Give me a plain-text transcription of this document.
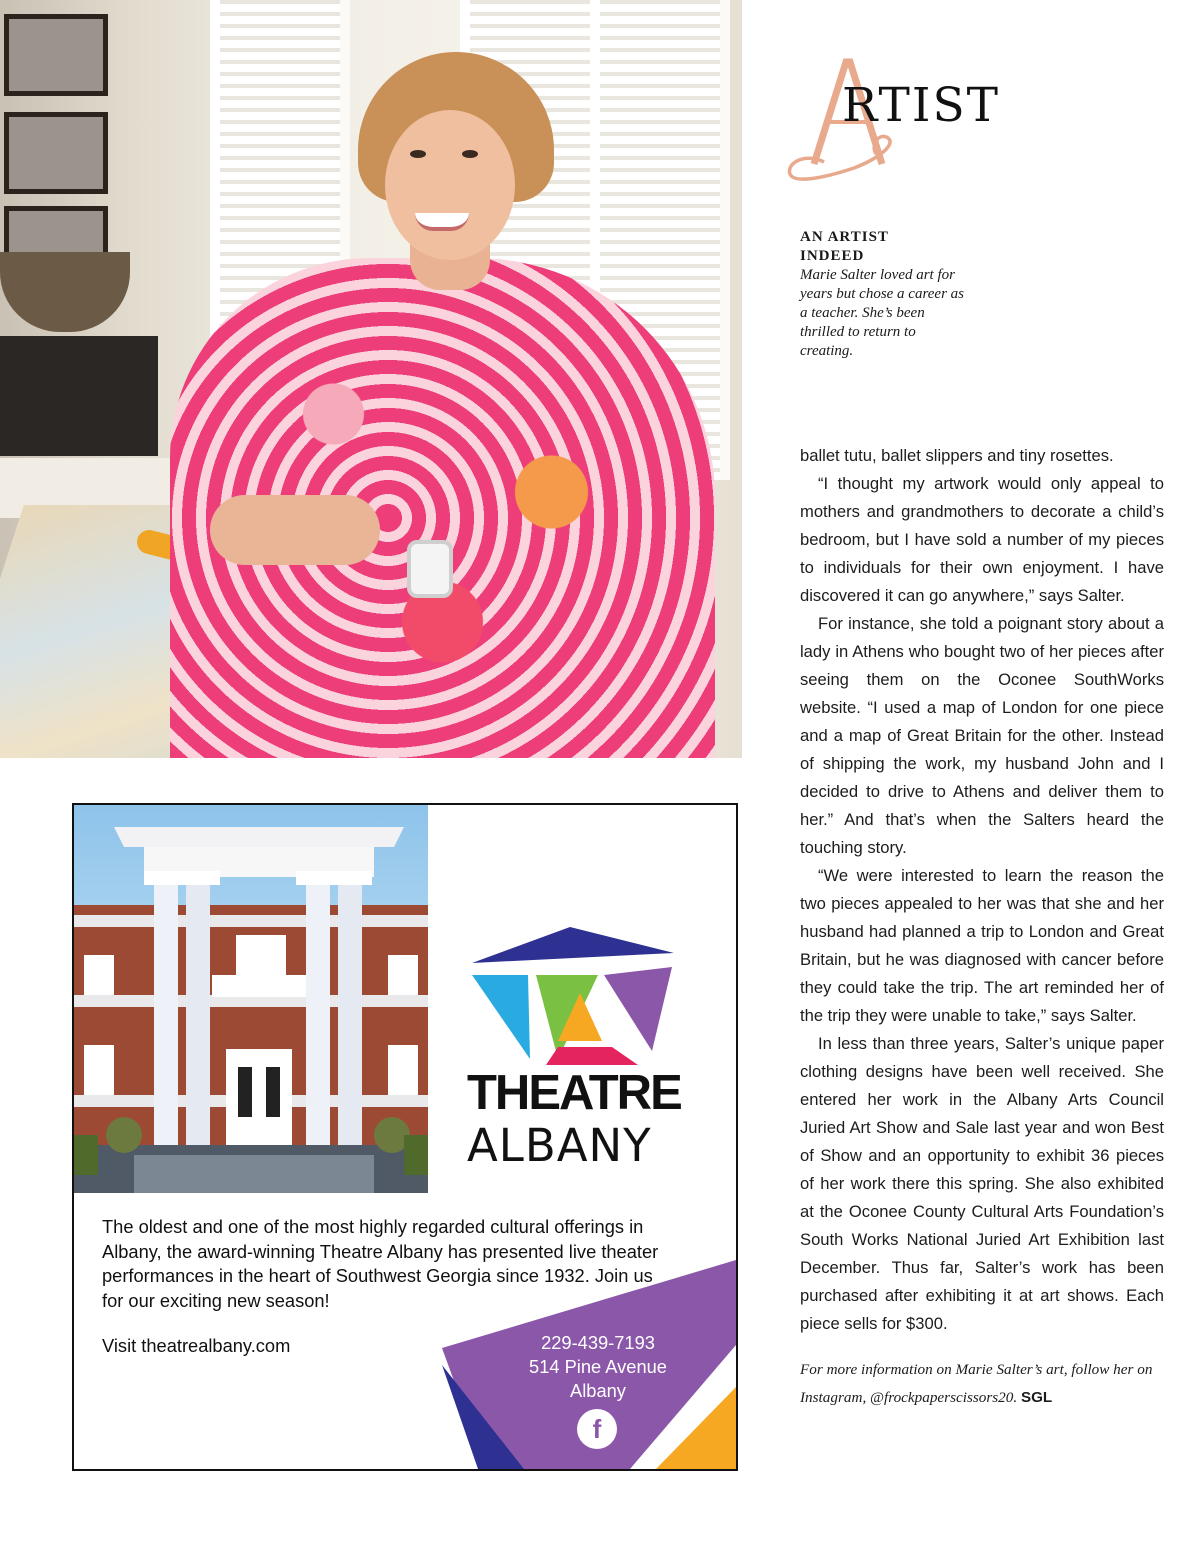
A RTIST

AN ARTIST

INDEED

Marie Salter loved art for years but chose a career as a teacher. She’s been thrilled to return to creating.

ballet tutu, ballet slippers and tiny rosettes.

“I thought my artwork would only appeal to mothers and grandmothers to decorate a child’s bedroom, but I have sold a number of my pieces to individuals for their own enjoyment. I have discovered it can go anywhere,” says Salter.

For instance, she told a poignant story about a lady in Athens who bought two of her pieces after seeing them on the Oconee SouthWorks website. “I used a map of London for one piece and a map of Great Britain for the other. Instead of shipping the work, my husband John and I decided to drive to Athens and deliver them to her.” And that’s when the Salters heard the touching story.

“We were interested to learn the reason the two pieces appealed to her was that she and her husband had planned a trip to London and Great Britain, but he was diagnosed with cancer before they could take the trip. The art reminded her of the trip they were unable to take,” says Salter.

In less than three years, Salter’s unique paper clothing designs have been well received. She entered her work in the Albany Arts Council Juried Art Show and Sale last year and won Best of Show and an opportunity to exhibit 36 pieces of her work there this spring. She also exhibited at the Oconee County Cultural Arts Foundation’s South Works National Juried Art Exhibition last December. Thus far, Salter’s work has been purchased after exhibiting it at art shows. Each piece sells for $300.

For more information on Marie Salter’s art, follow her on Instagram, @frockpaperscissors20. SGL

THEATRE
ALBANY

The oldest and one of the most highly regarded cultural offerings in Albany, the award-winning Theatre Albany has presented live theater performances in the heart of Southwest Georgia since 1932. Join us for our exciting new season!

Visit theatrealbany.com	229-439-7193
514 Pine Avenue
Albany
f
